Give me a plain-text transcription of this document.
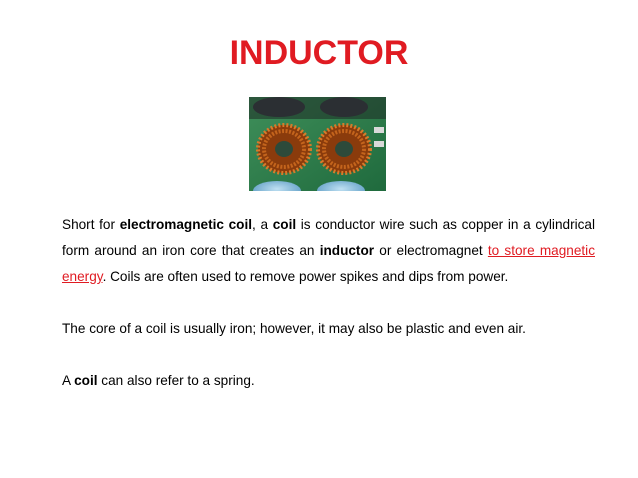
INDUCTOR

Short for electromagnetic coil, a coil is conductor wire such as copper in a cylindrical form around an iron core that creates an inductor or electromagnet to store magnetic energy. Coils are often used to remove power spikes and dips from power.

The core of a coil is usually iron; however, it may also be plastic and even air.

A coil can also refer to a spring.
